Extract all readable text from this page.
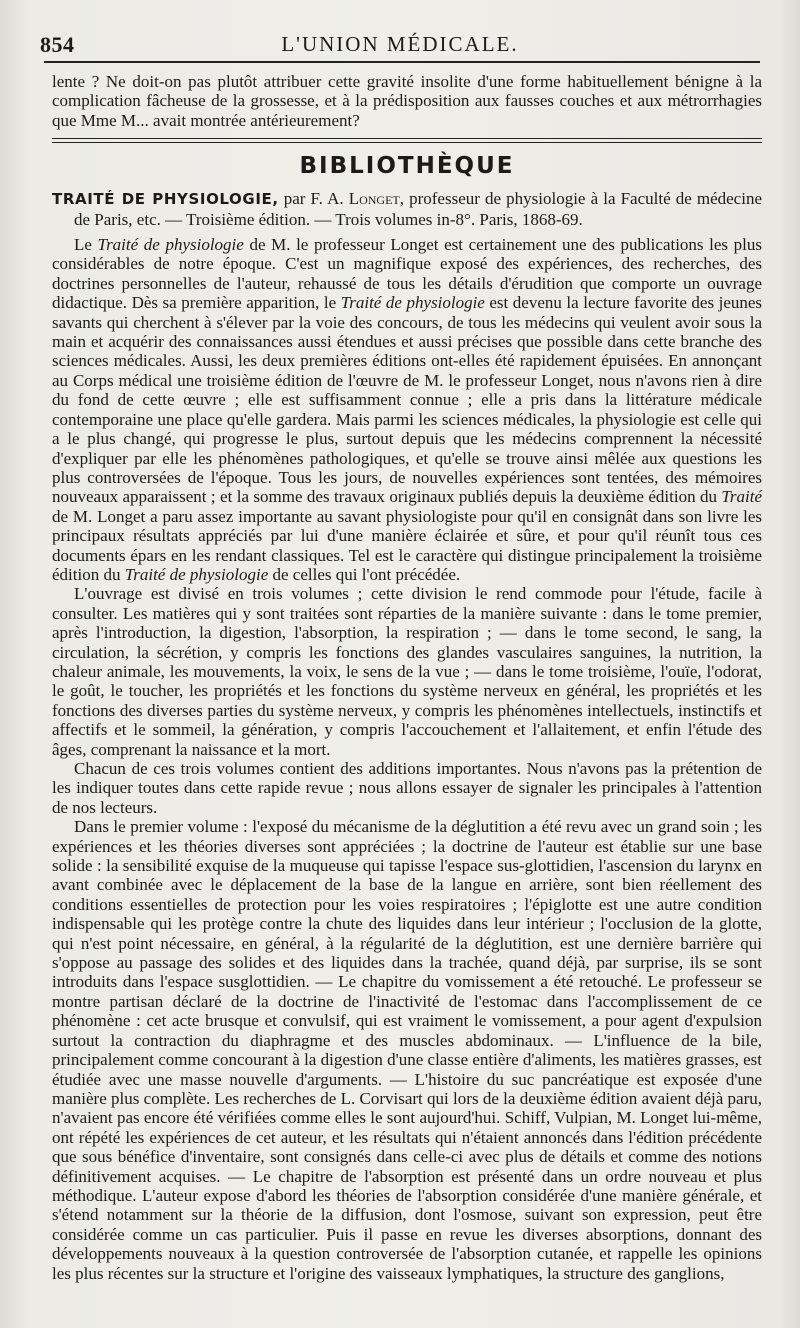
854	L'UNION MÉDICALE.

lente ? Ne doit-on pas plutôt attribuer cette gravité insolite d'une forme habituellement bénigne à la complication fâcheuse de la grossesse, et à la prédisposition aux fausses couches et aux métrorrhagies que Mme M... avait montrée antérieurement?

BIBLIOTHÈQUE
TRAITÉ DE PHYSIOLOGIE, par F. A. Longet, professeur de physiologie à la Faculté de médecine de Paris, etc. — Troisième édition. — Trois volumes in-8°. Paris, 1868-69.

Le Traité de physiologie de M. le professeur Longet est certainement une des publications les plus considérables de notre époque. C'est un magnifique exposé des expériences, des recherches, des doctrines personnelles de l'auteur, rehaussé de tous les détails d'érudition que comporte un ouvrage didactique. Dès sa première apparition, le Traité de physiologie est devenu la lecture favorite des jeunes savants qui cherchent à s'élever par la voie des concours, de tous les médecins qui veulent avoir sous la main et acquérir des connaissances aussi étendues et aussi précises que possible dans cette branche des sciences médicales. Aussi, les deux premières éditions ont-elles été rapidement épuisées. En annonçant au Corps médical une troisième édition de l'œuvre de M. le professeur Longet, nous n'avons rien à dire du fond de cette œuvre ; elle est suffisamment connue ; elle a pris dans la littérature médicale contemporaine une place qu'elle gardera. Mais parmi les sciences médicales, la physiologie est celle qui a le plus changé, qui progresse le plus, surtout depuis que les médecins comprennent la nécessité d'expliquer par elle les phénomènes pathologiques, et qu'elle se trouve ainsi mêlée aux questions les plus controversées de l'époque. Tous les jours, de nouvelles expériences sont tentées, des mémoires nouveaux apparaissent ; et la somme des travaux originaux publiés depuis la deuxième édition du Traité de M. Longet a paru assez importante au savant physiologiste pour qu'il en consignât dans son livre les principaux résultats appréciés par lui d'une manière éclairée et sûre, et pour qu'il réunît tous ces documents épars en les rendant classiques. Tel est le caractère qui distingue principalement la troisième édition du Traité de physiologie de celles qui l'ont précédée.

L'ouvrage est divisé en trois volumes ; cette division le rend commode pour l'étude, facile à consulter. Les matières qui y sont traitées sont réparties de la manière suivante : dans le tome premier, après l'introduction, la digestion, l'absorption, la respiration ; — dans le tome second, le sang, la circulation, la sécrétion, y compris les fonctions des glandes vasculaires sanguines, la nutrition, la chaleur animale, les mouvements, la voix, le sens de la vue ; — dans le tome troisième, l'ouïe, l'odorat, le goût, le toucher, les propriétés et les fonctions du système nerveux en général, les propriétés et les fonctions des diverses parties du système nerveux, y compris les phénomènes intellectuels, instinctifs et affectifs et le sommeil, la génération, y compris l'accouchement et l'allaitement, et enfin l'étude des âges, comprenant la naissance et la mort.

Chacun de ces trois volumes contient des additions importantes. Nous n'avons pas la prétention de les indiquer toutes dans cette rapide revue ; nous allons essayer de signaler les principales à l'attention de nos lecteurs.

Dans le premier volume : l'exposé du mécanisme de la déglutition a été revu avec un grand soin ; les expériences et les théories diverses sont appréciées ; la doctrine de l'auteur est établie sur une base solide : la sensibilité exquise de la muqueuse qui tapisse l'espace sus-glottidien, l'ascension du larynx en avant combinée avec le déplacement de la base de la langue en arrière, sont bien réellement des conditions essentielles de protection pour les voies respiratoires ; l'épiglotte est une autre condition indispensable qui les protège contre la chute des liquides dans leur intérieur ; l'occlusion de la glotte, qui n'est point nécessaire, en général, à la régularité de la déglutition, est une dernière barrière qui s'oppose au passage des solides et des liquides dans la trachée, quand déjà, par surprise, ils se sont introduits dans l'espace susglottidien. — Le chapitre du vomissement a été retouché. Le professeur se montre partisan déclaré de la doctrine de l'inactivité de l'estomac dans l'accomplissement de ce phénomène : cet acte brusque et convulsif, qui est vraiment le vomissement, a pour agent d'expulsion surtout la contraction du diaphragme et des muscles abdominaux. — L'influence de la bile, principalement comme concourant à la digestion d'une classe entière d'aliments, les matières grasses, est étudiée avec une masse nouvelle d'arguments. — L'histoire du suc pancréatique est exposée d'une manière plus complète. Les recherches de L. Corvisart qui lors de la deuxième édition avaient déjà paru, n'avaient pas encore été vérifiées comme elles le sont aujourd'hui. Schiff, Vulpian, M. Longet lui-même, ont répété les expériences de cet auteur, et les résultats qui n'étaient annoncés dans l'édition précédente que sous bénéfice d'inventaire, sont consignés dans celle-ci avec plus de détails et comme des notions définitivement acquises. — Le chapitre de l'absorption est présenté dans un ordre nouveau et plus méthodique. L'auteur expose d'abord les théories de l'absorption considérée d'une manière générale, et s'étend notamment sur la théorie de la diffusion, dont l'osmose, suivant son expression, peut être considérée comme un cas particulier. Puis il passe en revue les diverses absorptions, donnant des développements nouveaux à la question controversée de l'absorption cutanée, et rappelle les opinions les plus récentes sur la structure et l'origine des vaisseaux lymphatiques, la structure des ganglions,
